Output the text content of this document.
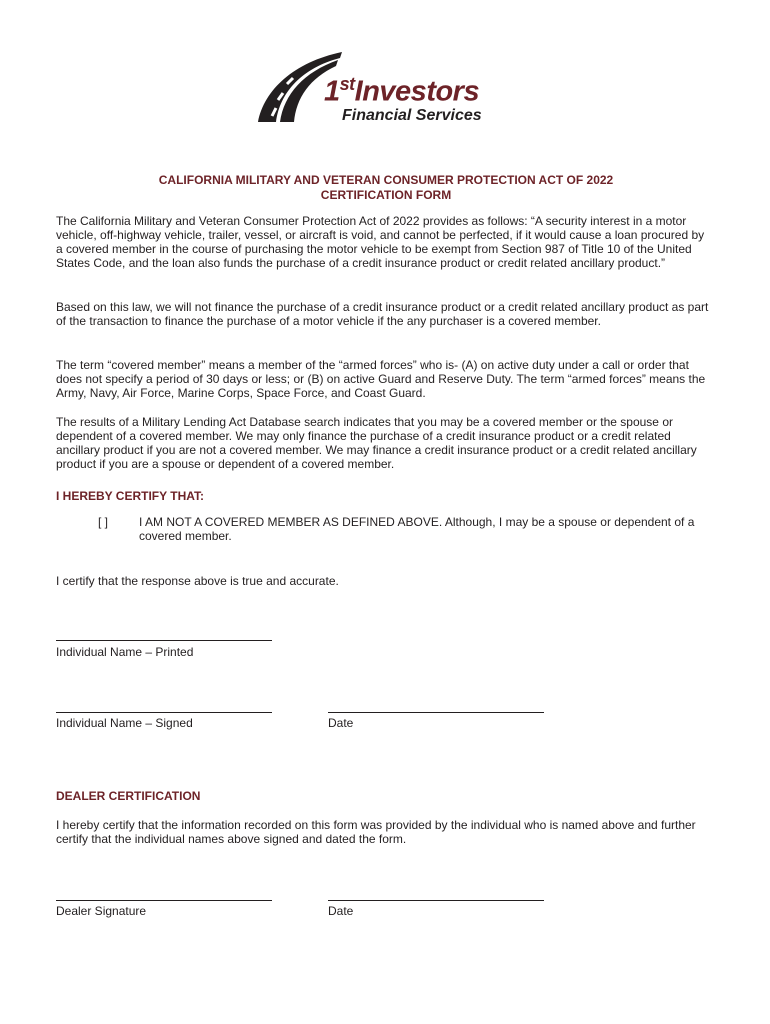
1stInvestors
Financial Services
CALIFORNIA MILITARY AND VETERAN CONSUMER PROTECTION ACT OF 2022
CERTIFICATION FORM

The California Military and Veteran Consumer Protection Act of 2022 provides as follows: “A security interest in a motor vehicle, off-highway vehicle, trailer, vessel, or aircraft is void, and cannot be perfected, if it would cause a loan procured by a covered member in the course of purchasing the motor vehicle to be exempt from Section 987 of Title 10 of the United States Code, and the loan also funds the purchase of a credit insurance product or credit related ancillary product.”

Based on this law, we will not finance the purchase of a credit insurance product or a credit related ancillary product as part of the transaction to finance the purchase of a motor vehicle if the any purchaser is a covered member.

The term “covered member” means a member of the “armed forces” who is- (A) on active duty under a call or order that does not specify a period of 30 days or less; or (B) on active Guard and Reserve Duty. The term “armed forces” means the Army, Navy, Air Force, Marine Corps, Space Force, and Coast Guard.

The results of a Military Lending Act Database search indicates that you may be a covered member or the spouse or dependent of a covered member. We may only finance the purchase of a credit insurance product or a credit related ancillary product if you are not a covered member. We may finance a credit insurance product or a credit related ancillary product if you are a spouse or dependent of a covered member.

I HEREBY CERTIFY THAT:
[ ]	I AM NOT A COVERED MEMBER AS DEFINED ABOVE. Although, I may be a spouse or dependent of a covered member.
I certify that the response above is true and accurate.
Individual Name – Printed
Individual Name – Signed	Date
DEALER CERTIFICATION

I hereby certify that the information recorded on this form was provided by the individual who is named above and further certify that the individual names above signed and dated the form.

Dealer Signature	Date
